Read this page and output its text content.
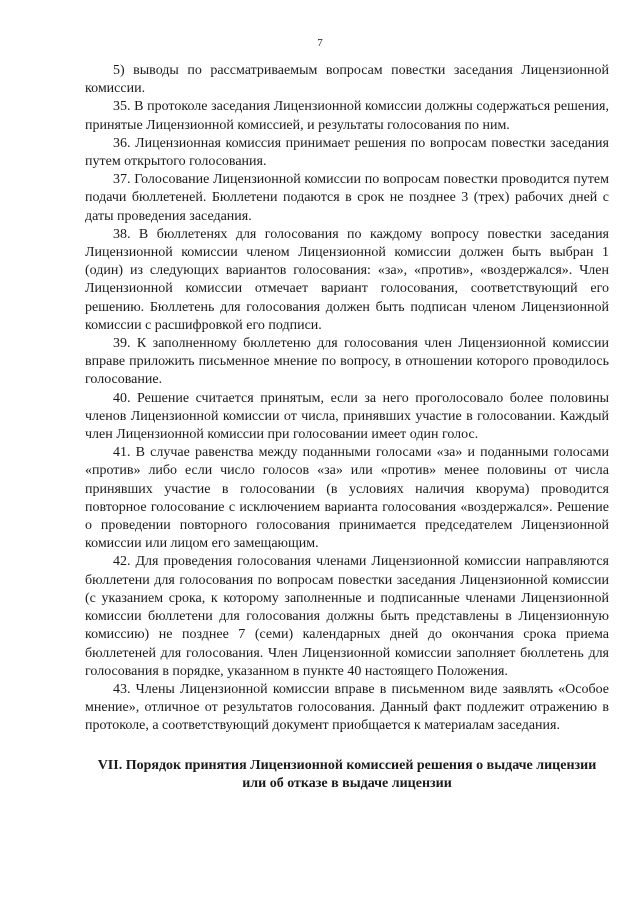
7

5) выводы по рассматриваемым вопросам повестки заседания Лицензионной комиссии.

35. В протоколе заседания Лицензионной комиссии должны содержаться решения, принятые Лицензионной комиссией, и результаты голосования по ним.

36. Лицензионная комиссия принимает решения по вопросам повестки заседания путем открытого голосования.

37. Голосование Лицензионной комиссии по вопросам повестки проводится путем подачи бюллетеней. Бюллетени подаются в срок не позднее 3 (трех) рабочих дней с даты проведения заседания.

38. В бюллетенях для голосования по каждому вопросу повестки заседания Лицензионной комиссии членом Лицензионной комиссии должен быть выбран 1 (один) из следующих вариантов голосования: «за», «против», «воздержался». Член Лицензионной комиссии отмечает вариант голосования, соответствующий его решению. Бюллетень для голосования должен быть подписан членом Лицензионной комиссии с расшифровкой его подписи.

39. К заполненному бюллетеню для голосования член Лицензионной комиссии вправе приложить письменное мнение по вопросу, в отношении которого проводилось голосование.

40. Решение считается принятым, если за него проголосовало более половины членов Лицензионной комиссии от числа, принявших участие в голосовании. Каждый член Лицензионной комиссии при голосовании имеет один голос.

41. В случае равенства между поданными голосами «за» и поданными голосами «против» либо если число голосов «за» или «против» менее половины от числа принявших участие в голосовании (в условиях наличия кворума) проводится повторное голосование с исключением варианта голосования «воздержался». Решение о проведении повторного голосования принимается председателем Лицензионной комиссии или лицом его замещающим.

42. Для проведения голосования членами Лицензионной комиссии направляются бюллетени для голосования по вопросам повестки заседания Лицензионной комиссии (с указанием срока, к которому заполненные и подписанные членами Лицензионной комиссии бюллетени для голосования должны быть представлены в Лицензионную комиссию) не позднее 7 (семи) календарных дней до окончания срока приема бюллетеней для голосования. Член Лицензионной комиссии заполняет бюллетень для голосования в порядке, указанном в пункте 40 настоящего Положения.

43. Члены Лицензионной комиссии вправе в письменном виде заявлять «Особое мнение», отличное от результатов голосования. Данный факт подлежит отражению в протоколе, а соответствующий документ приобщается к материалам заседания.

VII. Порядок принятия Лицензионной комиссией решения о выдаче лицензии или об отказе в выдаче лицензии
